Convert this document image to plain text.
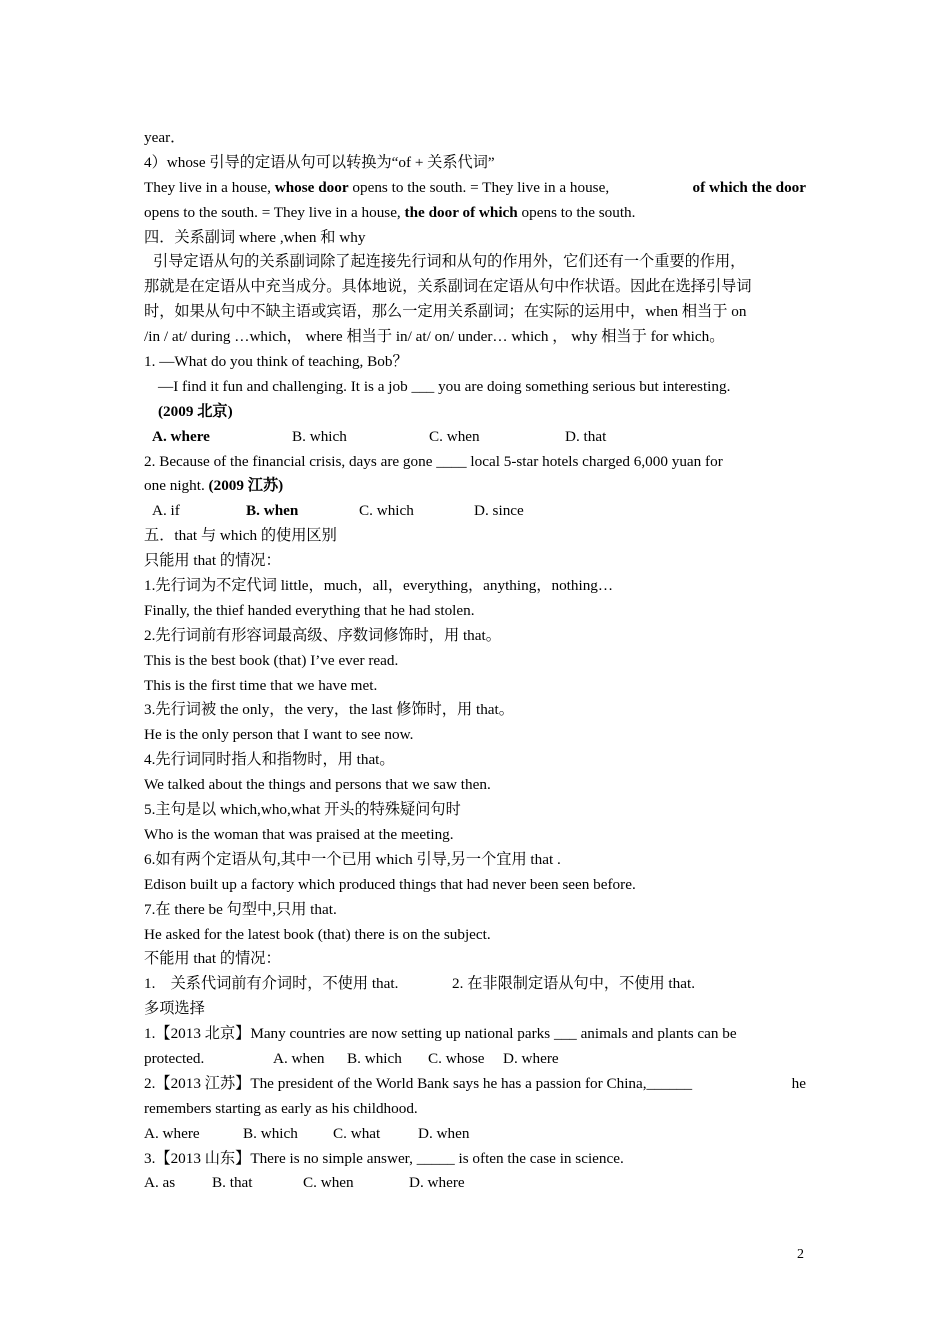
year．
4）whose 引导的定语从句可以转换为“of + 关系代词”
They live in a house, whose door opens to the south. = They live in a house,	of which the door
opens to the south. = They live in a house, the door of which opens to the south.
四．关系副词 where ,when 和 why
引导定语从句的关系副词除了起连接先行词和从句的作用外，它们还有一个重要的作用，
那就是在定语从中充当成分。具体地说，关系副词在定语从句中作状语。因此在选择引导词
时，如果从句中不缺主语或宾语，那么一定用关系副词；在实际的运用中，when 相当于 on
/in / at/ during …which， where 相当于 in/ at/ on/ under… which ， why 相当于 for which。
1. —What do you think of teaching, Bob？
—I find it fun and challenging. It is a job ___ you are doing something serious but interesting.
(2009 北京)
A. where	B. which	C. when	D. that
2. Because of the financial crisis, days are gone ____ local 5-star hotels charged 6,000 yuan for
one night. (2009 江苏)
A. if	B. when	C. which	D. since
五．that 与 which 的使用区别
只能用 that 的情况：
1.先行词为不定代词 little，much，all，everything，anything，nothing…
Finally, the thief handed everything that he had stolen.
2.先行词前有形容词最高级、序数词修饰时，用 that。
This is the best book (that) I’ve ever read.
This is the first time that we have met.
3.先行词被 the only，the very，the last 修饰时，用 that。
He is the only person that I want to see now.
4.先行词同时指人和指物时，用 that。
We talked about the things and persons that we saw then.
5.主句是以 which,who,what 开头的特殊疑问句时
Who is the woman that was praised at the meeting.
6.如有两个定语从句,其中一个已用 which 引导,另一个宜用 that .
Edison built up a factory which produced things that had never been seen before.
7.在 there be 句型中,只用 that.
He asked for the latest book (that) there is on the subject.
不能用 that 的情况：
1.　关系代词前有介词时，不使用 that.	2. 在非限制定语从句中，不使用 that.
多项选择
1.【2013 北京】Many countries are now setting up national parks ___ animals and plants can be
protected.	A. when B. which C. whose D. where
2.【2013 江苏】The president of the World Bank says he has a passion for China,______	he
remembers starting as early as his childhood.
A. where	B. which C. what D. when
3.【2013 山东】There is no simple answer, _____ is often the case in science.
A. as B. that	C. when	D. where
2
